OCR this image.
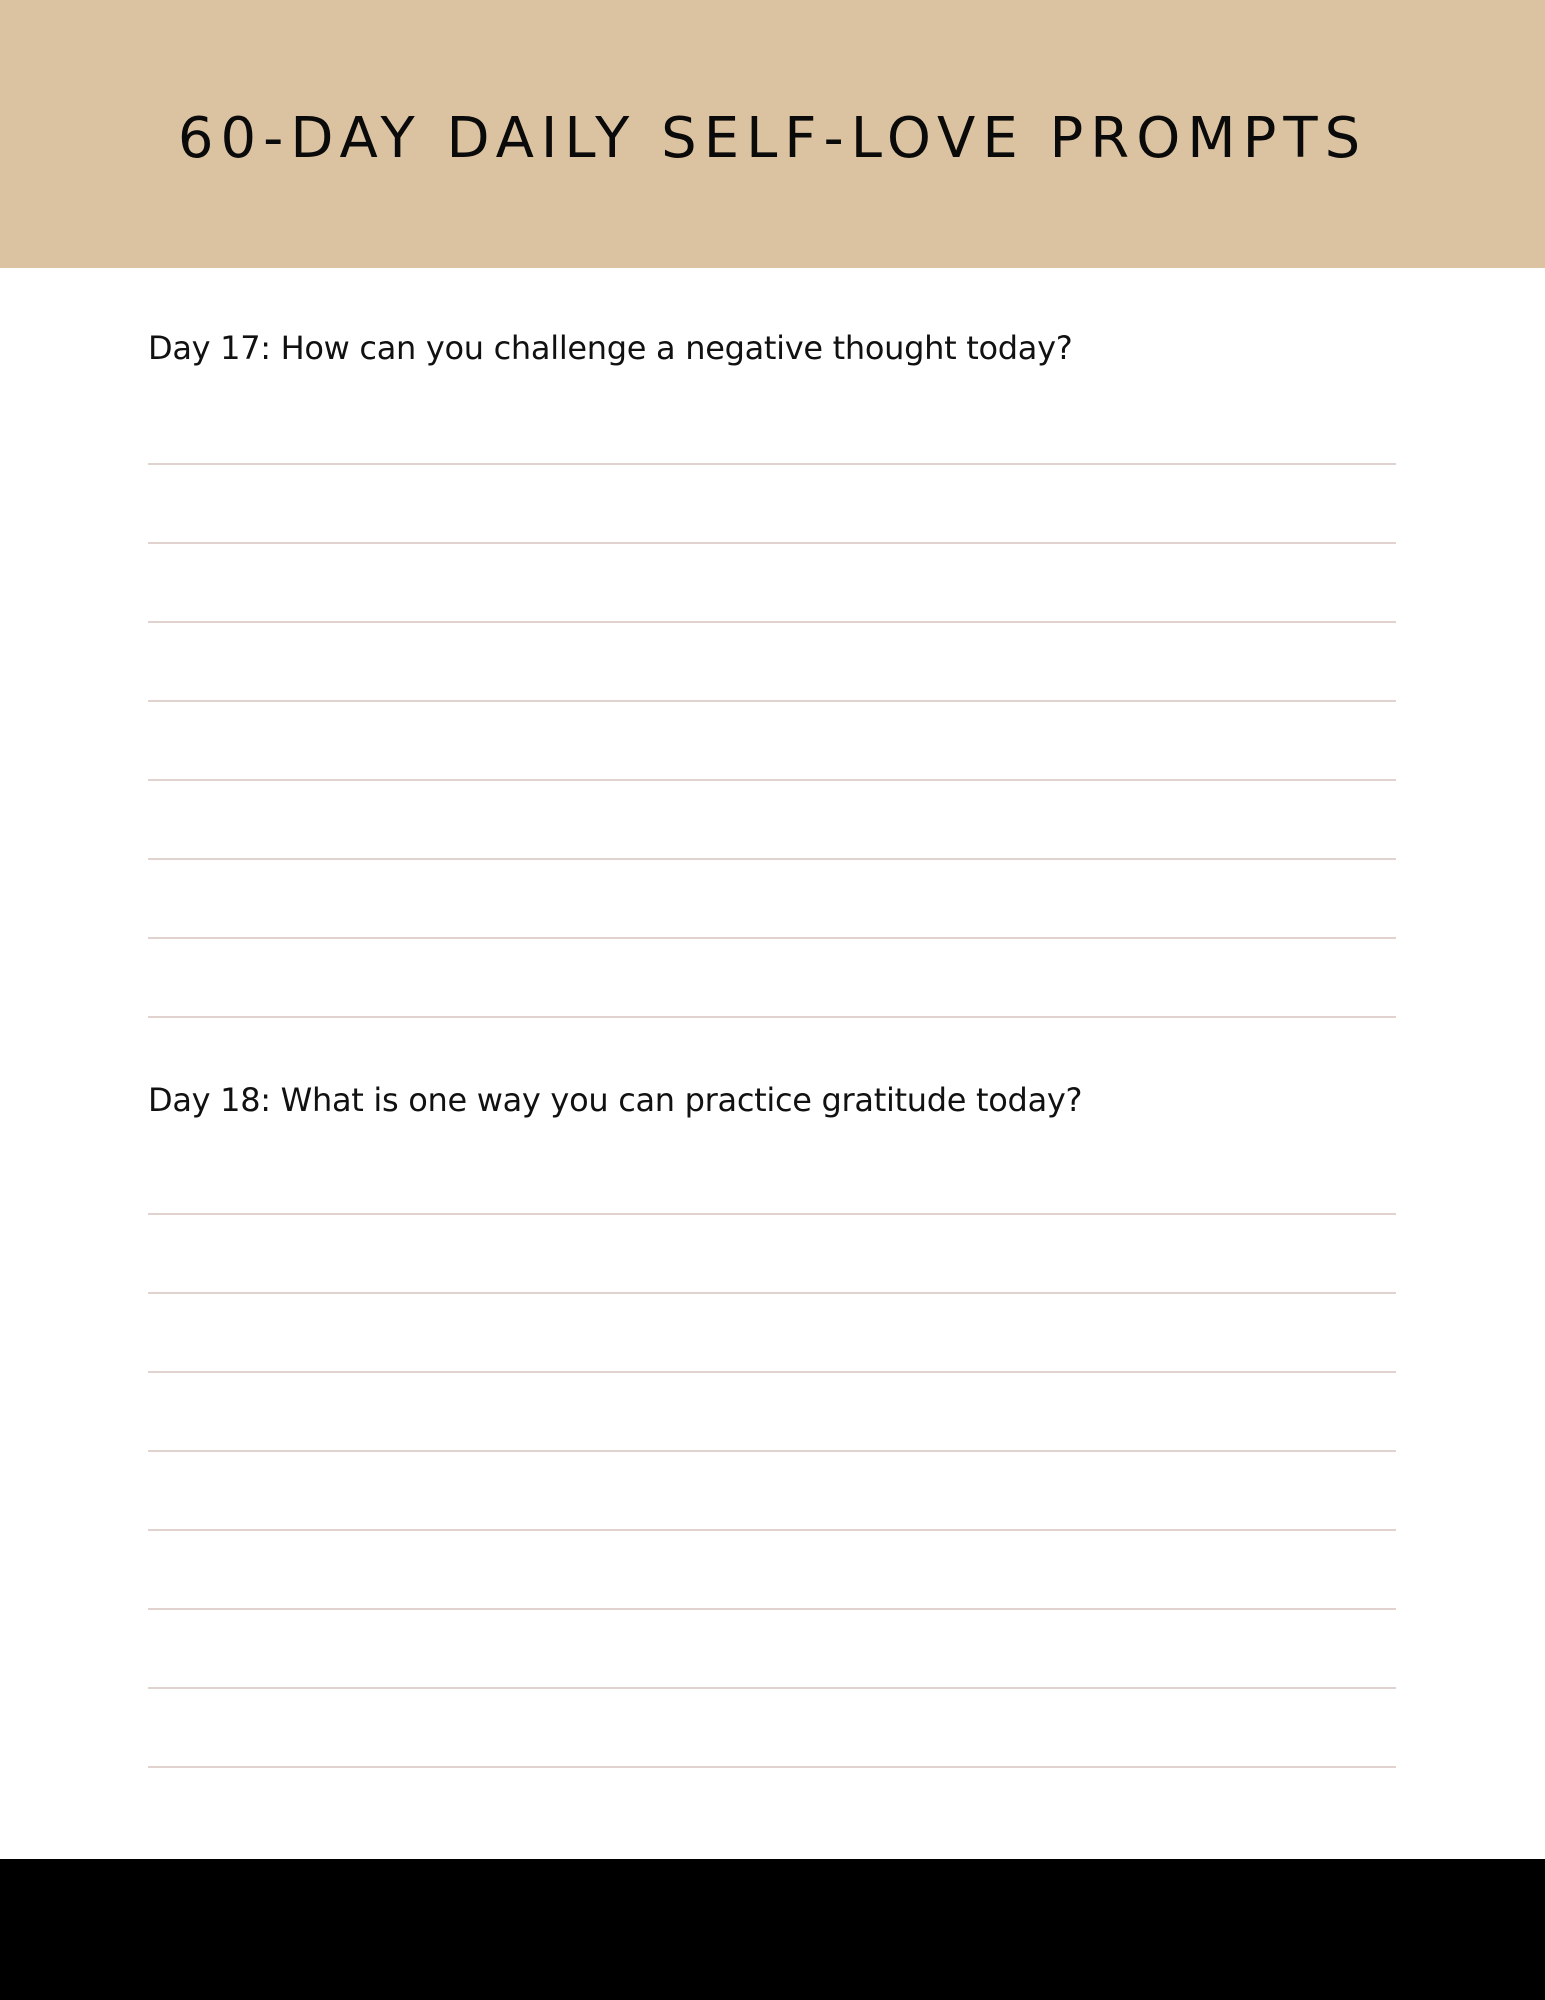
60-DAY DAILY SELF-LOVE PROMPTS
Day 17: How can you challenge a negative thought today?
Day 18: What is one way you can practice gratitude today?
